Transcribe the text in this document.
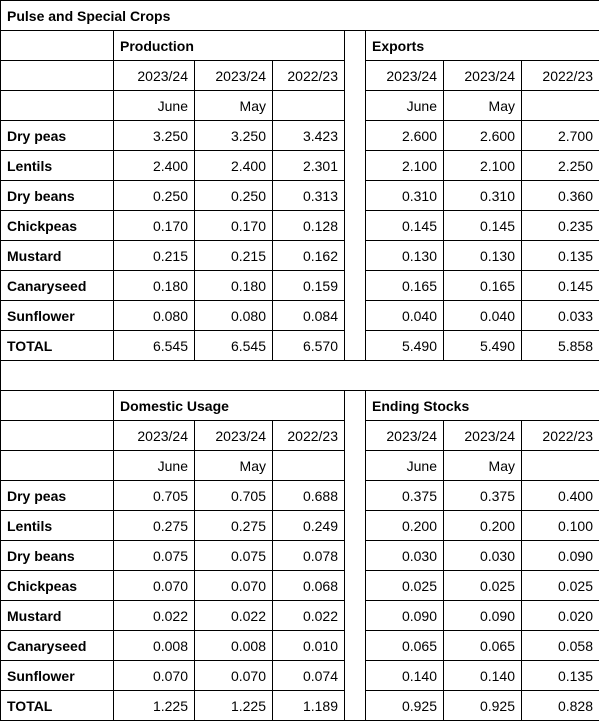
Pulse and Special Crops							
	Production				Exports		
	2023/24	2023/24	2022/23		2023/24	2023/24	2022/23
	June	May			June	May	
Dry peas	3.250	3.250	3.423		2.600	2.600	2.700
Lentils	2.400	2.400	2.301		2.100	2.100	2.250
Dry beans	0.250	0.250	0.313		0.310	0.310	0.360
Chickpeas	0.170	0.170	0.128		0.145	0.145	0.235
Mustard	0.215	0.215	0.162		0.130	0.130	0.135
Canaryseed	0.180	0.180	0.159		0.165	0.165	0.145
Sunflower	0.080	0.080	0.084		0.040	0.040	0.033
TOTAL	6.545	6.545	6.570		5.490	5.490	5.858

	Domestic Usage				Ending Stocks		
	2023/24	2023/24	2022/23		2023/24	2023/24	2022/23
	June	May			June	May	
Dry peas	0.705	0.705	0.688		0.375	0.375	0.400
Lentils	0.275	0.275	0.249		0.200	0.200	0.100
Dry beans	0.075	0.075	0.078		0.030	0.030	0.090
Chickpeas	0.070	0.070	0.068		0.025	0.025	0.025
Mustard	0.022	0.022	0.022		0.090	0.090	0.020
Canaryseed	0.008	0.008	0.010		0.065	0.065	0.058
Sunflower	0.070	0.070	0.074		0.140	0.140	0.135
TOTAL	1.225	1.225	1.189		0.925	0.925	0.828
